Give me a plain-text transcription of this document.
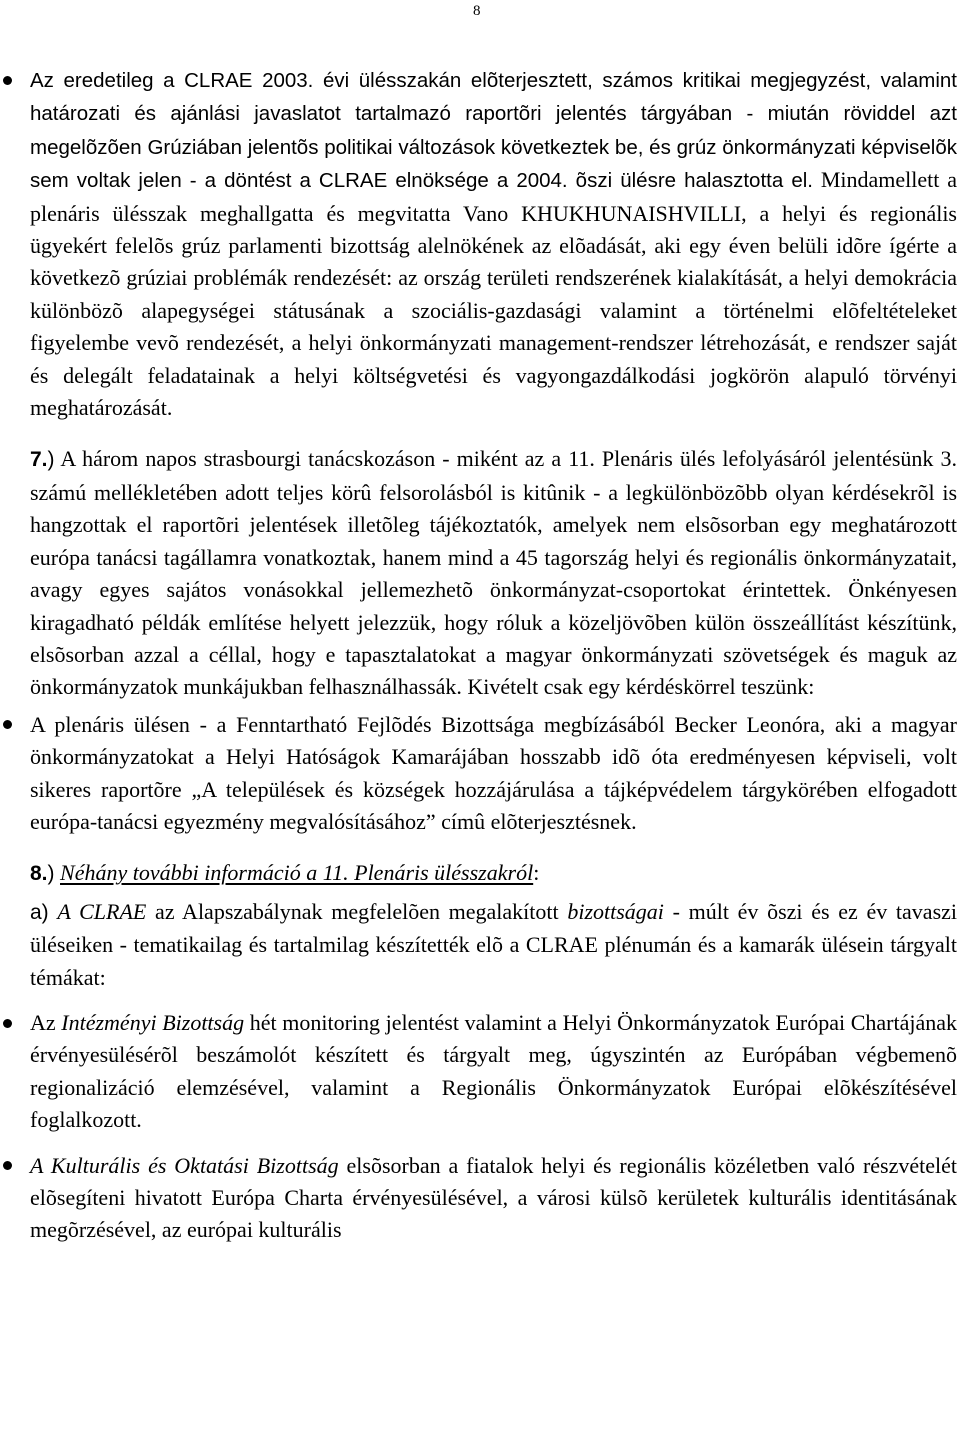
8
Az eredetileg a CLRAE 2003. évi ülésszakán elõterjesztett, számos kritikai megjegyzést, valamint határozati és ajánlási javaslatot tartalmazó raportõri jelentés tárgyában - miután röviddel azt megelõzõen Grúziában jelentõs politikai változások következtek be, és grúz önkormányzati képviselõk sem voltak jelen - a döntést a CLRAE elnöksége a 2004. õszi ülésre halasztotta el. Mindamellett a plenáris ülésszak meghallgatta és megvitatta Vano KHUKHUNAISHVILLI, a helyi és regionális ügyekért felelõs grúz parlamenti bizottság alelnökének az elõadását, aki egy éven belüli idõre ígérte a következõ grúziai problémák rendezését: az ország területi rendszerének kialakítását, a helyi demokrácia különbözõ alapegységei státusának a szociális-gazdasági valamint a történelmi elõfeltételeket figyelembe vevõ rendezését, a helyi önkormányzati management-rendszer létrehozását, e rendszer saját és delegált feladatainak a helyi költségvetési és vagyongazdálkodási jogkörön alapuló törvényi meghatározását.
7.) A három napos strasbourgi tanácskozáson - miként az a 11. Plenáris ülés lefolyásáról jelentésünk 3. számú mellékletében adott teljes körû felsorolásból is kitûnik - a legkülönbözõbb olyan kérdésekrõl is hangzottak el raportõri jelentések illetõleg tájékoztatók, amelyek nem elsõsorban egy meghatározott európa tanácsi tagállamra vonatkoztak, hanem mind a 45 tagország helyi és regionális önkormányzatait, avagy egyes sajátos vonásokkal jellemezhetõ önkormányzat-csoportokat érintettek. Önkényesen kiragadható példák említése helyett jelezzük, hogy róluk a közeljövõben külön összeállítást készítünk, elsõsorban azzal a céllal, hogy e tapasztalatokat a magyar önkormányzati szövetségek és maguk az önkormányzatok munkájukban felhasználhassák. Kivételt csak egy kérdéskörrel teszünk:
A plenáris ülésen - a Fenntartható Fejlõdés Bizottsága megbízásából Becker Leonóra, aki a magyar önkormányzatokat a Helyi Hatóságok Kamarájában hosszabb idõ óta eredményesen képviseli, volt sikeres raportõre „A települések és községek hozzájárulása a tájképvédelem tárgykörében elfogadott európa-tanácsi egyezmény megvalósításához” címû elõterjesztésnek.
8.) Néhány további információ a 11. Plenáris ülésszakról:
a) A CLRAE az Alapszabálynak megfelelõen megalakított bizottságai - múlt év õszi és ez év tavaszi üléseiken - tematikailag és tartalmilag készítették elõ a CLRAE plénumán és a kamarák ülésein tárgyalt témákat:
Az Intézményi Bizottság hét monitoring jelentést valamint a Helyi Önkormányzatok Európai Chartájának érvényesülésérõl beszámolót készített és tárgyalt meg, úgyszintén az Európában végbemenõ regionalizáció elemzésével, valamint a Regionális Önkormányzatok Európai elõkészítésével foglalkozott.
A Kulturális és Oktatási Bizottság elsõsorban a fiatalok helyi és regionális közéletben való részvételét elõsegíteni hivatott Európa Charta érvényesülésével, a városi külsõ kerületek kulturális identitásának megõrzésével, az európai kulturális
